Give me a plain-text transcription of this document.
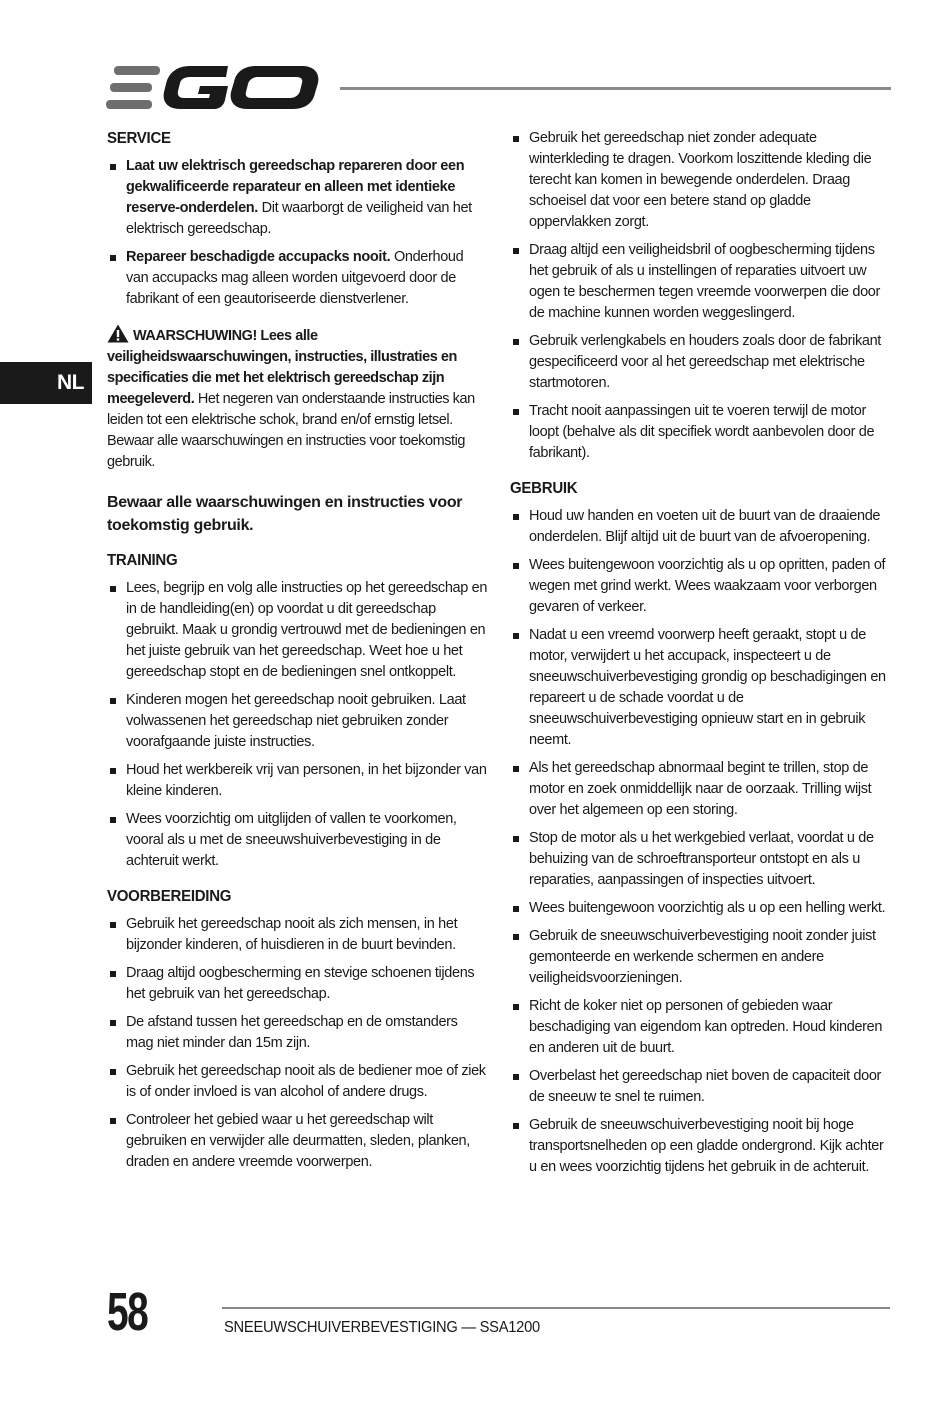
NL
SERVICE
Laat uw elektrisch gereedschap repareren door een gekwalificeerde reparateur en alleen met identieke reserve-onderdelen. Dit waarborgt de veiligheid van het elektrisch gereedschap.
Repareer beschadigde accupacks nooit. Onderhoud van accupacks mag alleen worden uitgevoerd door de fabrikant of een geautoriseerde dienstverlener.
WAARSCHUWING! Lees alle veiligheidswaarschuwingen, instructies, illustraties en specificaties die met het elektrisch gereedschap zijn meegeleverd. Het negeren van onderstaande instructies kan leiden tot een elektrische schok, brand en/of ernstig letsel. Bewaar alle waarschuwingen en instructies voor toekomstig gebruik.
Bewaar alle waarschuwingen en instructies voor toekomstig gebruik.
TRAINING
Lees, begrijp en volg alle instructies op het gereedschap en in de handleiding(en) op voordat u dit gereedschap gebruikt. Maak u grondig vertrouwd met de bedieningen en het juiste gebruik van het gereedschap. Weet hoe u het gereedschap stopt en de bedieningen snel ontkoppelt.
Kinderen mogen het gereedschap nooit gebruiken. Laat volwassenen het gereedschap niet gebruiken zonder voorafgaande juiste instructies.
Houd het werkbereik vrij van personen, in het bijzonder van kleine kinderen.
Wees voorzichtig om uitglijden of vallen te voorkomen, vooral als u met de sneeuwshuiverbevestiging in de achteruit werkt.
VOORBEREIDING
Gebruik het gereedschap nooit als zich mensen, in het bijzonder kinderen, of huisdieren in de buurt bevinden.
Draag altijd oogbescherming en stevige schoenen tijdens het gebruik van het gereedschap.
De afstand tussen het gereedschap en de omstanders mag niet minder dan 15m zijn.
Gebruik het gereedschap nooit als de bediener moe of ziek is of onder invloed is van alcohol of andere drugs.
Controleer het gebied waar u het gereedschap wilt gebruiken en verwijder alle deurmatten, sleden, planken, draden en andere vreemde voorwerpen.
Gebruik het gereedschap niet zonder adequate winterkleding te dragen. Voorkom loszittende kleding die terecht kan komen in bewegende onderdelen. Draag schoeisel dat voor een betere stand op gladde oppervlakken zorgt.
Draag altijd een veiligheidsbril of oogbescherming tijdens het gebruik of als u instellingen of reparaties uitvoert uw ogen te beschermen tegen vreemde voorwerpen die door de machine kunnen worden weggeslingerd.
Gebruik verlengkabels en houders zoals door de fabrikant gespecificeerd voor al het gereedschap met elektrische startmotoren.
Tracht nooit aanpassingen uit te voeren terwijl de motor loopt (behalve als dit specifiek wordt aanbevolen door de fabrikant).
GEBRUIK
Houd uw handen en voeten uit de buurt van de draaiende onderdelen. Blijf altijd uit de buurt van de afvoeropening.
Wees buitengewoon voorzichtig als u op opritten, paden of wegen met grind werkt. Wees waakzaam voor verborgen gevaren of verkeer.
Nadat u een vreemd voorwerp heeft geraakt, stopt u de motor, verwijdert u het accupack, inspecteert u de sneeuwschuiverbevestiging grondig op beschadigingen en repareert u de schade voordat u de sneeuwschuiverbevestiging opnieuw start en in gebruik neemt.
Als het gereedschap abnormaal begint te trillen, stop de motor en zoek onmiddellijk naar de oorzaak. Trilling wijst over het algemeen op een storing.
Stop de motor als u het werkgebied verlaat, voordat u de behuizing van de schroeftransporteur ontstopt en als u reparaties, aanpassingen of inspecties uitvoert.
Wees buitengewoon voorzichtig als u op een helling werkt.
Gebruik de sneeuwschuiverbevestiging nooit zonder juist gemonteerde en werkende schermen en andere veiligheidsvoorzieningen.
Richt de koker niet op personen of gebieden waar beschadiging van eigendom kan optreden. Houd kinderen en anderen uit de buurt.
Overbelast het gereedschap niet boven de capaciteit door de sneeuw te snel te ruimen.
Gebruik de sneeuwschuiverbevestiging nooit bij hoge transportsnelheden op een gladde ondergrond. Kijk achter u en wees voorzichtig tijdens het gebruik in de achteruit.
58	SNEEUWSCHUIVERBEVESTIGING — SSA1200
